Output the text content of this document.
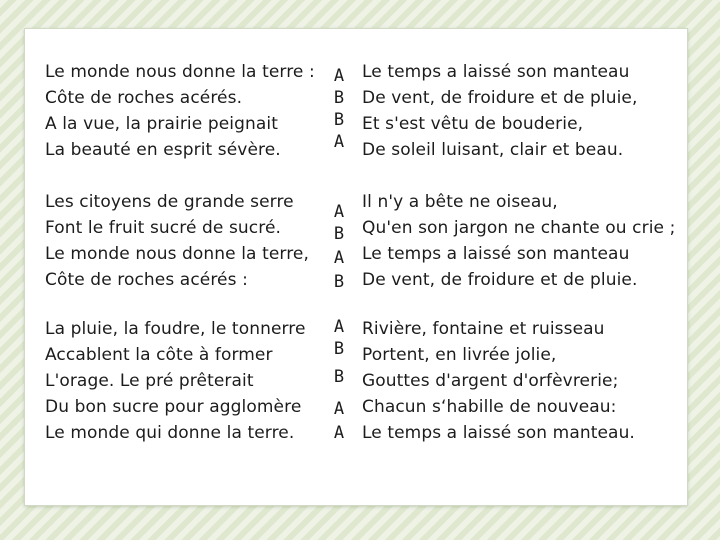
Le monde nous donne la terre :
Côte de roches acérés.
A la vue, la prairie peignait
La beauté en esprit sévère.
A
B
B
A
Le temps a laissé son manteau
De vent, de froidure et de pluie,
Et s'est vêtu de bouderie,
De soleil luisant, clair et beau.
Les citoyens de grande serre
Font le fruit sucré de sucré.
Le monde nous donne la terre,
Côte de roches acérés :
A
B
A
B
Il n'y a bête ne oiseau,
Qu'en son jargon ne chante ou crie ;
Le temps a laissé son manteau
De vent, de froidure et de pluie.
La pluie, la foudre, le tonnerre
Accablent la côte à former
L'orage. Le pré prêterait
Du bon sucre pour agglomère
Le monde qui donne la terre.
A
B
B
A
A
Rivière, fontaine et ruisseau
Portent, en livrée jolie,
Gouttes d'argent d'orfèvrerie;
Chacun s‘habille de nouveau:
Le temps a laissé son manteau.
